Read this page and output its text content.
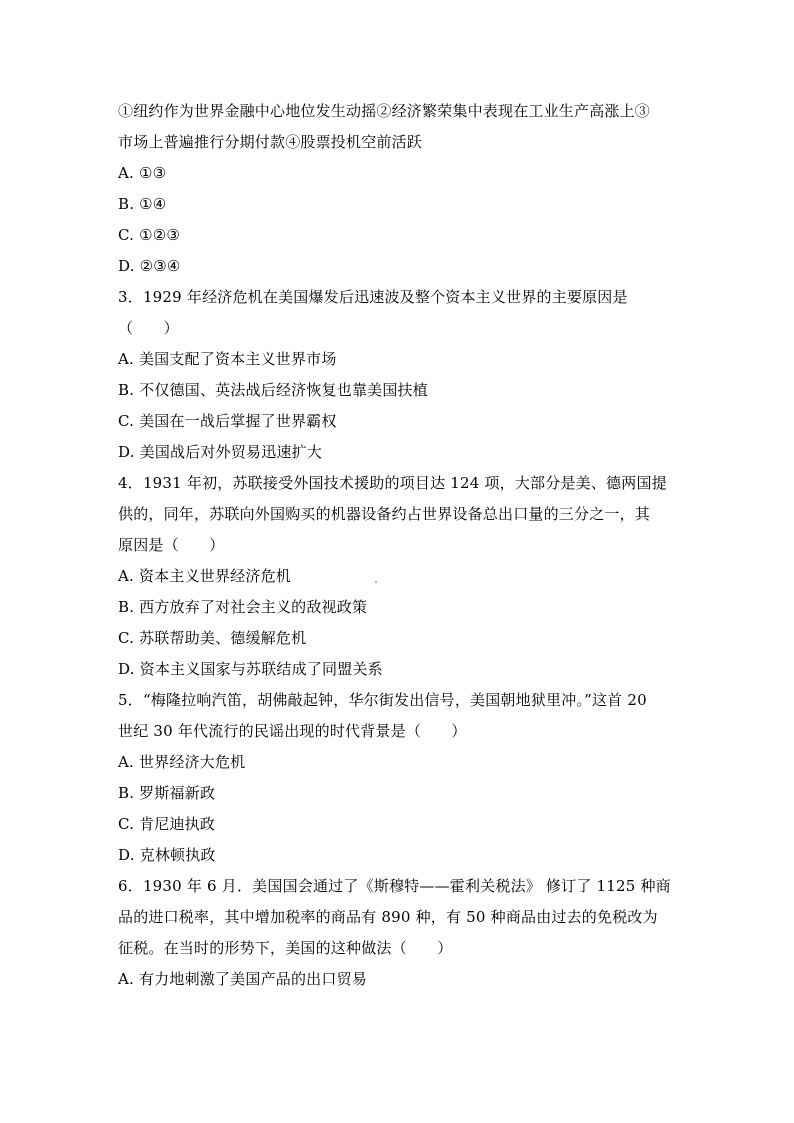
①纽约作为世界金融中心地位发生动摇②经济繁荣集中表现在工业生产高涨上③
市场上普遍推行分期付款④股票投机空前活跃
A. ①③
B. ①④
C. ①②③
D. ②③④
3．1929 年经济危机在美国爆发后迅速波及整个资本主义世界的主要原因是
（　　）
A. 美国支配了资本主义世界市场
B. 不仅德国、英法战后经济恢复也靠美国扶植
C. 美国在一战后掌握了世界霸权
D. 美国战后对外贸易迅速扩大
4．1931 年初，苏联接受外国技术援助的项目达 124 项，大部分是美、德两国提
供的，同年，苏联向外国购买的机器设备约占世界设备总出口量的三分之一，其
原因是（　　）
A. 资本主义世界经济危机
B. 西方放弃了对社会主义的敌视政策
C. 苏联帮助美、德缓解危机
D. 资本主义国家与苏联结成了同盟关系
5．“梅隆拉响汽笛，胡佛敲起钟，华尔街发出信号，美国朝地狱里冲。”这首 20
世纪 30 年代流行的民谣出现的时代背景是（　　）
A. 世界经济大危机
B. 罗斯福新政
C. 肯尼迪执政
D. 克林顿执政
6．1930 年 6 月．美国国会通过了《斯穆特——霍利关税法》 修订了 1125 种商
品的进口税率，其中增加税率的商品有 890 种，有 50 种商品由过去的免税改为
征税。在当时的形势下，美国的这种做法（　　）
A. 有力地刺激了美国产品的出口贸易
